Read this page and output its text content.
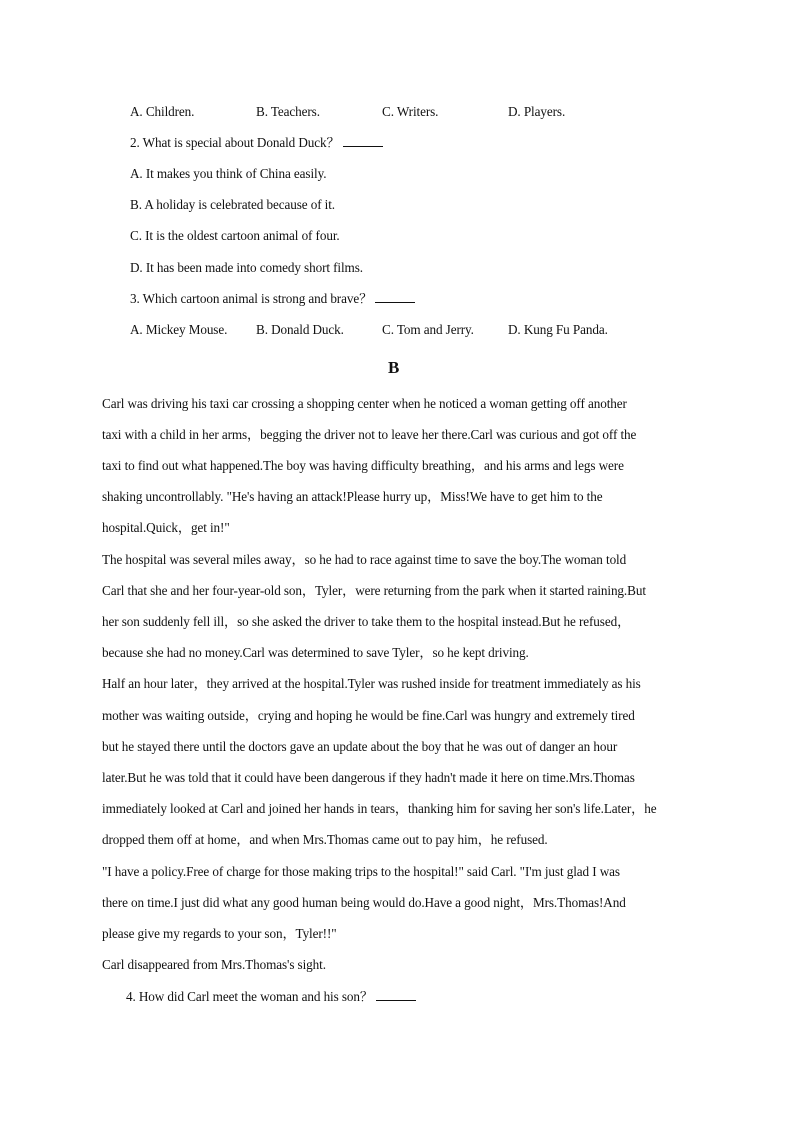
A. Children.	B. Teachers.	C. Writers.	D. Players.
2. What is special about Donald Duck？
A. It makes you think of China easily.
B. A holiday is celebrated because of it.
C. It is the oldest cartoon animal of four.
D. It has been made into comedy short films.
3. Which cartoon animal is strong and brave？
A. Mickey Mouse. B. Donald Duck.	C. Tom and Jerry.	D. Kung Fu Panda.
B
Carl was driving his taxi car crossing a shopping center when he noticed a woman getting off another
taxi with a child in her arms，begging the driver not to leave her there.Carl was curious and got off the
taxi to find out what happened.The boy was having difficulty breathing，and his arms and legs were
shaking uncontrollably. "He's having an attack!Please hurry up，Miss!We have to get him to the
hospital.Quick，get in!"
The hospital was several miles away，so he had to race against time to save the boy.The woman told
Carl that she and her four-year-old son，Tyler，were returning from the park when it started raining.But
her son suddenly fell ill，so she asked the driver to take them to the hospital instead.But he refused，
because she had no money.Carl was determined to save Tyler，so he kept driving.
Half an hour later，they arrived at the hospital.Tyler was rushed inside for treatment immediately as his
mother was waiting outside，crying and hoping he would be fine.Carl was hungry and extremely tired
but he stayed there until the doctors gave an update about the boy that he was out of danger an hour
later.But he was told that it could have been dangerous if they hadn't made it here on time.Mrs.Thomas
immediately looked at Carl and joined her hands in tears，thanking him for saving her son's life.Later，he
dropped them off at home，and when Mrs.Thomas came out to pay him，he refused.
"I have a policy.Free of charge for those making trips to the hospital!" said Carl. "I'm just glad I was
there on time.I just did what any good human being would do.Have a good night，Mrs.Thomas!And
please give my regards to your son，Tyler!!"
Carl disappeared from Mrs.Thomas's sight.
4. How did Carl meet the woman and his son？
